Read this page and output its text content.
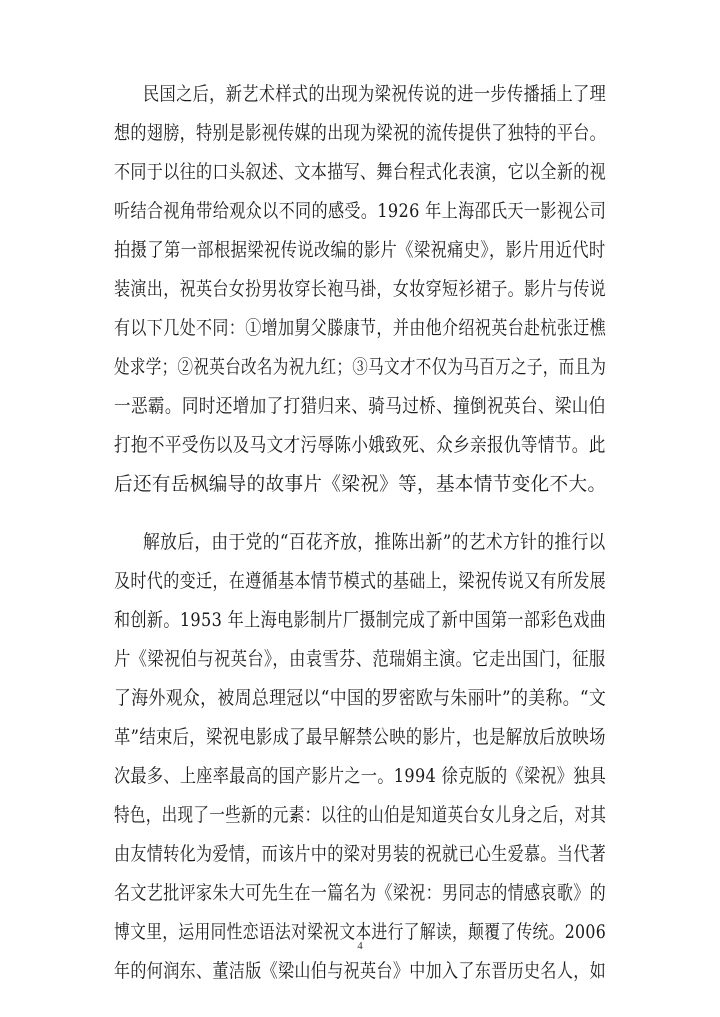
民国之后，新艺术样式的出现为梁祝传说的进一步传播插上了理
想的翅膀，特别是影视传媒的出现为梁祝的流传提供了独特的平台。
不同于以往的口头叙述、文本描写、舞台程式化表演，它以全新的视
听结合视角带给观众以不同的感受。1926 年上海邵氏天一影视公司
拍摄了第一部根据梁祝传说改编的影片《梁祝痛史》，影片用近代时
装演出，祝英台女扮男妆穿长袍马褂，女妆穿短衫裙子。影片与传说
有以下几处不同：①增加舅父滕康节，并由他介绍祝英台赴杭张迂樵
处求学；②祝英台改名为祝九红；③马文才不仅为马百万之子，而且为
一恶霸。同时还增加了打猎归来、骑马过桥、撞倒祝英台、梁山伯
打抱不平受伤以及马文才污辱陈小娥致死、众乡亲报仇等情节。此
后还有岳枫编导的故事片《梁祝》等，基本情节变化不大。
解放后，由于党的“百花齐放，推陈出新”的艺术方针的推行以
及时代的变迁，在遵循基本情节模式的基础上，梁祝传说又有所发展
和创新。1953 年上海电影制片厂摄制完成了新中国第一部彩色戏曲
片《梁祝伯与祝英台》，由袁雪芬、范瑞娟主演。它走出国门，征服
了海外观众，被周总理冠以“中国的罗密欧与朱丽叶”的美称。“文
革”结束后，梁祝电影成了最早解禁公映的影片，也是解放后放映场
次最多、上座率最高的国产影片之一。1994 徐克版的《梁祝》独具
特色，出现了一些新的元素：以往的山伯是知道英台女儿身之后，对其
由友情转化为爱情，而该片中的梁对男装的祝就已心生爱慕。当代著
名文艺批评家朱大可先生在一篇名为《梁祝：男同志的情感哀歌》的
博文里，运用同性恋语法对梁祝文本进行了解读，颠覆了传统。2006
年的何润东、董洁版《梁山伯与祝英台》中加入了东晋历史名人，如
4
